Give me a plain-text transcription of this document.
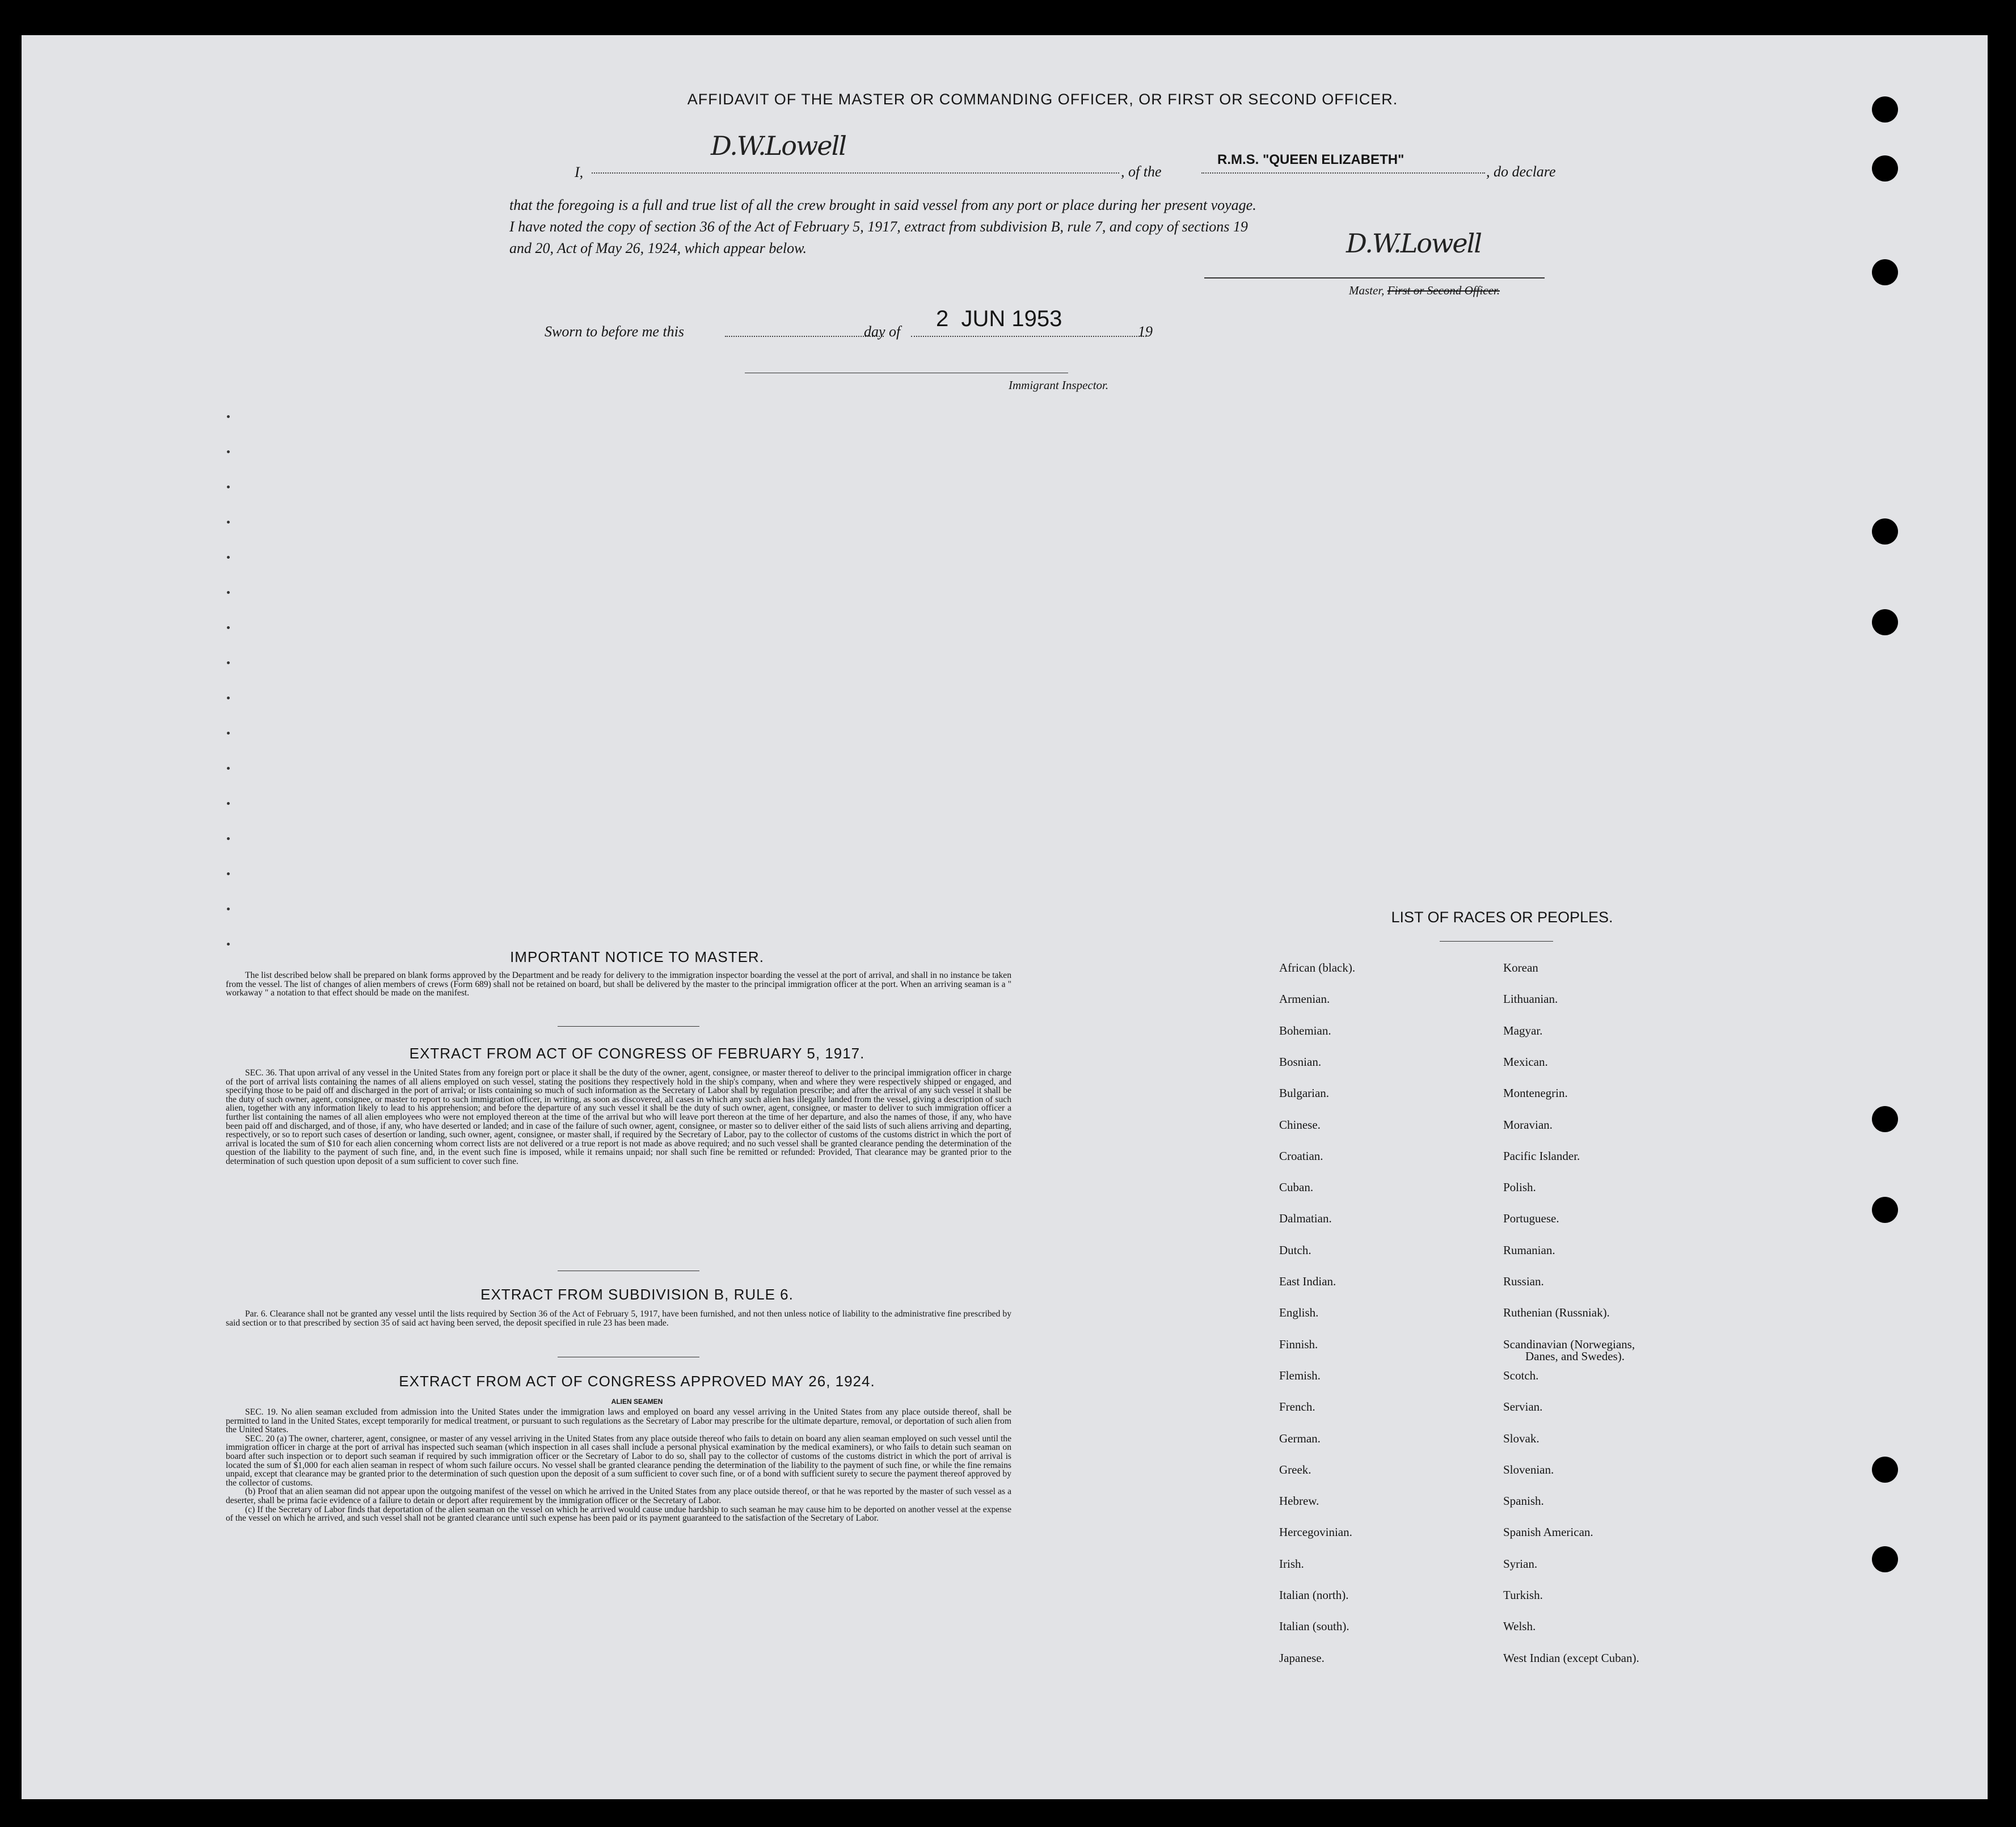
AFFIDAVIT OF THE MASTER OR COMMANDING OFFICER, OR FIRST OR SECOND OFFICER.
I,
D.W.Lowell
, of the
R.M.S. "QUEEN ELIZABETH"
, do declare
that the foregoing is a full and true list of all the crew brought in said vessel from any port or place during her present voyage.
I have noted the copy of section 36 of the Act of February 5, 1917, extract from subdivision B, rule 7, and copy of sections 19
and 20, Act of May 26, 1924, which appear below.	D.W.Lowell
Master, First or Second Officer.
Sworn to before me this	day of
2  JUN 1953
19
Immigrant Inspector.
IMPORTANT NOTICE TO MASTER.

The list described below shall be prepared on blank forms approved by the Department and be ready for delivery to the immigration inspector boarding the vessel at the port of arrival, and shall in no instance be taken from the vessel. The list of changes of alien members of crews (Form 689) shall not be retained on board, but shall be delivered by the master to the principal immigration officer at the port. When an arriving seaman is a " workaway " a notation to that effect should be made on the manifest.

EXTRACT FROM ACT OF CONGRESS OF FEBRUARY 5, 1917.

SEC. 36. That upon arrival of any vessel in the United States from any foreign port or place it shall be the duty of the owner, agent, consignee, or master thereof to deliver to the principal immigration officer in charge of the port of arrival lists containing the names of all aliens employed on such vessel, stating the positions they respectively hold in the ship's company, when and where they were respectively shipped or engaged, and specifying those to be paid off and discharged in the port of arrival; or lists containing so much of such information as the Secretary of Labor shall by regulation prescribe; and after the arrival of any such vessel it shall be the duty of such owner, agent, consignee, or master to report to such immigration officer, in writing, as soon as discovered, all cases in which any such alien has illegally landed from the vessel, giving a description of such alien, together with any information likely to lead to his apprehension; and before the departure of any such vessel it shall be the duty of such owner, agent, consignee, or master to deliver to such immigration officer a further list containing the names of all alien employees who were not employed thereon at the time of the arrival but who will leave port thereon at the time of her departure, and also the names of those, if any, who have been paid off and discharged, and of those, if any, who have deserted or landed; and in case of the failure of such owner, agent, consignee, or master so to deliver either of the said lists of such aliens arriving and departing, respectively, or so to report such cases of desertion or landing, such owner, agent, consignee, or master shall, if required by the Secretary of Labor, pay to the collector of customs of the customs district in which the port of arrival is located the sum of $10 for each alien concerning whom correct lists are not delivered or a true report is not made as above required; and no such vessel shall be granted clearance pending the determination of the question of the liability to the payment of such fine, and, in the event such fine is imposed, while it remains unpaid; nor shall such fine be remitted or refunded: Provided, That clearance may be granted prior to the determination of such question upon deposit of a sum sufficient to cover such fine.

EXTRACT FROM SUBDIVISION B, RULE 6.

Par. 6. Clearance shall not be granted any vessel until the lists required by Section 36 of the Act of February 5, 1917, have been furnished, and not then unless notice of liability to the administrative fine prescribed by said section or to that prescribed by section 35 of said act having been served, the deposit specified in rule 23 has been made.

EXTRACT FROM ACT OF CONGRESS APPROVED MAY 26, 1924.
ALIEN SEAMEN

SEC. 19. No alien seaman excluded from admission into the United States under the immigration laws and employed on board any vessel arriving in the United States from any place outside thereof, shall be permitted to land in the United States, except temporarily for medical treatment, or pursuant to such regulations as the Secretary of Labor may prescribe for the ultimate departure, removal, or deportation of such alien from the United States.

SEC. 20 (a) The owner, charterer, agent, consignee, or master of any vessel arriving in the United States from any place outside thereof who fails to detain on board any alien seaman employed on such vessel until the immigration officer in charge at the port of arrival has inspected such seaman (which inspection in all cases shall include a personal physical examination by the medical examiners), or who fails to detain such seaman on board after such inspection or to deport such seaman if required by such immigration officer or the Secretary of Labor to do so, shall pay to the collector of customs of the customs district in which the port of arrival is located the sum of $1,000 for each alien seaman in respect of whom such failure occurs. No vessel shall be granted clearance pending the determination of the liability to the payment of such fine, or while the fine remains unpaid, except that clearance may be granted prior to the determination of such question upon the deposit of a sum sufficient to cover such fine, or of a bond with sufficient surety to secure the payment thereof approved by the collector of customs.

(b) Proof that an alien seaman did not appear upon the outgoing manifest of the vessel on which he arrived in the United States from any place outside thereof, or that he was reported by the master of such vessel as a deserter, shall be prima facie evidence of a failure to detain or deport after requirement by the immigration officer or the Secretary of Labor.

(c) If the Secretary of Labor finds that deportation of the alien seaman on the vessel on which he arrived would cause undue hardship to such seaman he may cause him to be deported on another vessel at the expense of the vessel on which he arrived, and such vessel shall not be granted clearance until such expense has been paid or its payment guaranteed to the satisfaction of the Secretary of Labor.

LIST OF RACES OR PEOPLES.
Danes, and Swedes).
African (black).
Armenian.
Bohemian.
Bosnian.
Bulgarian.
Chinese.
Croatian.
Cuban.
Dalmatian.
Dutch.
East Indian.
English.
Finnish.
Flemish.
French.
German.
Greek.
Hebrew.
Hercegovinian.
Irish.
Italian (north).
Italian (south).
Japanese.
Korean
Lithuanian.
Magyar.
Mexican.
Montenegrin.
Moravian.
Pacific Islander.
Polish.
Portuguese.
Rumanian.
Russian.
Ruthenian (Russniak).
Scandinavian (Norwegians,
Scotch.
Servian.
Slovak.
Slovenian.
Spanish.
Spanish American.
Syrian.
Turkish.
Welsh.
West Indian (except Cuban).
